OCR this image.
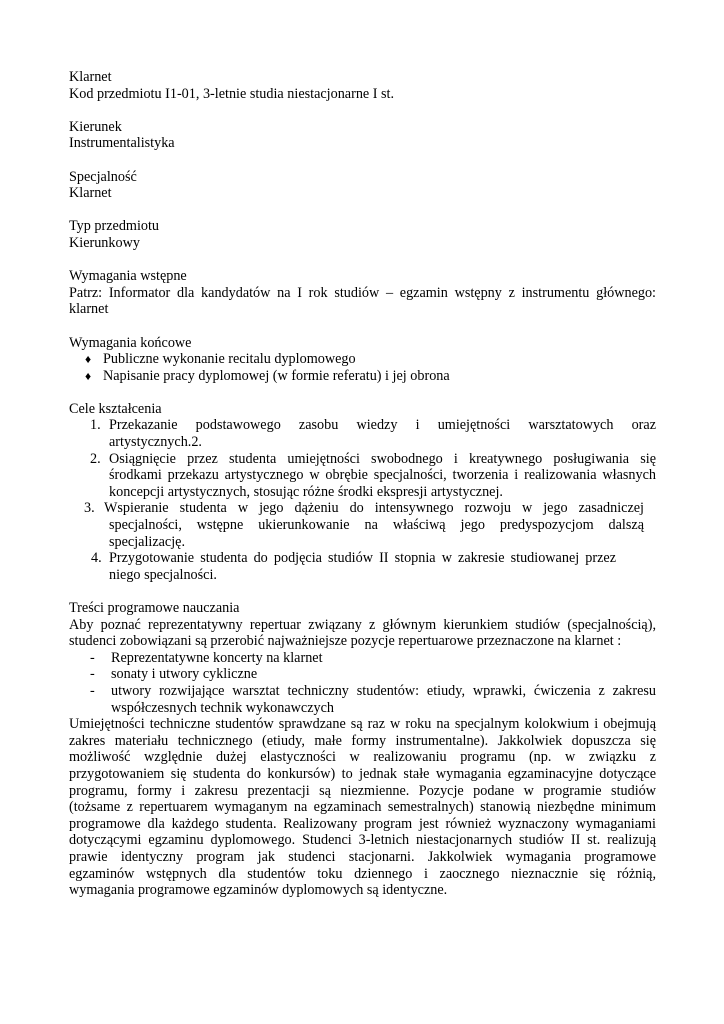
Klarnet
Kod przedmiotu I1-01, 3-letnie studia niestacjonarne I st.
Kierunek
Instrumentalistyka
Specjalność
Klarnet
Typ przedmiotu
Kierunkowy
Wymagania wstępne
Patrz: Informator dla kandydatów na I rok studiów – egzamin wstępny z instrumentu głównego:
klarnet
Wymagania końcowe
♦ Publiczne wykonanie recitalu dyplomowego
♦ Napisanie pracy dyplomowej (w formie referatu) i jej obrona
Cele kształcenia
1. Przekazanie podstawowego zasobu wiedzy i umiejętności warsztatowych oraz
artystycznych.2.
2. Osiągnięcie przez studenta umiejętności swobodnego i kreatywnego posługiwania się
środkami przekazu artystycznego w obrębie specjalności, tworzenia i realizowania własnych
koncepcji artystycznych, stosując różne środki ekspresji artystycznej.
3. Wspieranie studenta w jego dążeniu do intensywnego rozwoju w jego zasadniczej
specjalności, wstępne ukierunkowanie na właściwą jego predyspozycjom dalszą
specjalizację.
4. Przygotowanie studenta do podjęcia studiów II stopnia w zakresie studiowanej przez
niego specjalności.
Treści programowe nauczania
Aby poznać reprezentatywny repertuar związany z głównym kierunkiem studiów (specjalnością),
studenci zobowiązani są przerobić najważniejsze pozycje repertuarowe przeznaczone na klarnet :
- Reprezentatywne koncerty na klarnet
- sonaty i utwory cykliczne
- utwory rozwijające warsztat techniczny studentów: etiudy, wprawki, ćwiczenia z zakresu
współczesnych technik wykonawczych
Umiejętności techniczne studentów sprawdzane są raz w roku na specjalnym kolokwium i obejmują
zakres materiału technicznego (etiudy, małe formy instrumentalne). Jakkolwiek dopuszcza się
możliwość względnie dużej elastyczności w realizowaniu programu (np. w związku z
przygotowaniem się studenta do konkursów) to jednak stałe wymagania egzaminacyjne dotyczące
programu, formy i zakresu prezentacji są niezmienne. Pozycje podane w programie studiów
(tożsame z repertuarem wymaganym na egzaminach semestralnych) stanowią niezbędne minimum
programowe dla każdego studenta. Realizowany program jest również wyznaczony wymaganiami
dotyczącymi egzaminu dyplomowego. Studenci 3-letnich niestacjonarnych studiów II st. realizują
prawie identyczny program jak studenci stacjonarni. Jakkolwiek wymagania programowe
egzaminów wstępnych dla studentów toku dziennego i zaocznego nieznacznie się różnią,
wymagania programowe egzaminów dyplomowych są identyczne.
